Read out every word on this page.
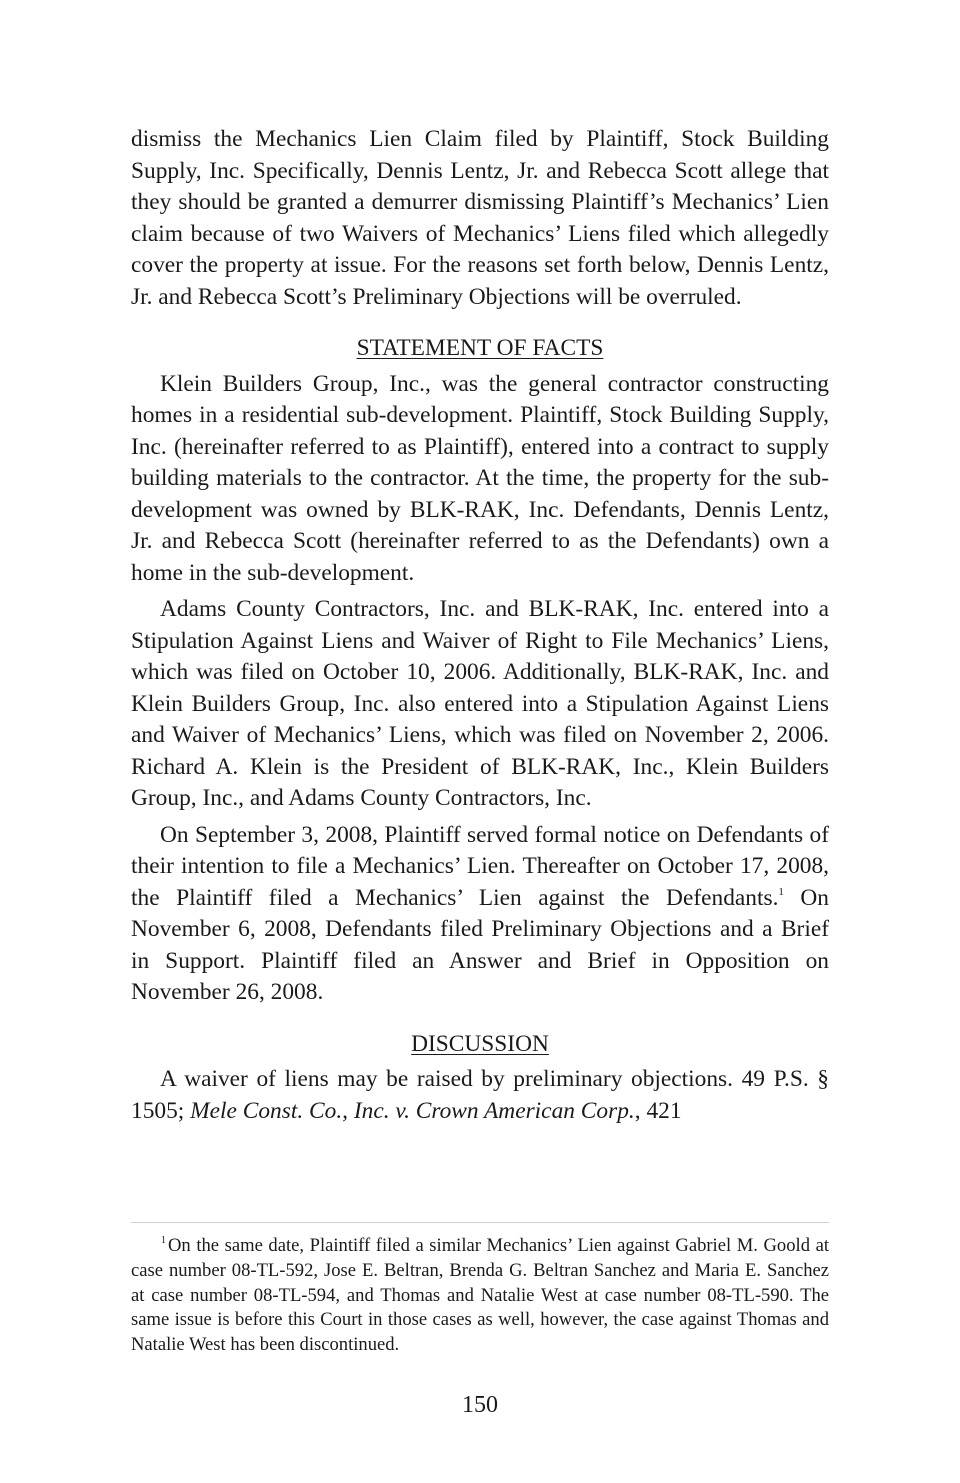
dismiss the Mechanics Lien Claim filed by Plaintiff, Stock Building Supply, Inc. Specifically, Dennis Lentz, Jr. and Rebecca Scott allege that they should be granted a demurrer dismissing Plaintiff’s Mechanics’ Lien claim because of two Waivers of Mechanics’ Liens filed which allegedly cover the property at issue. For the reasons set forth below, Dennis Lentz, Jr. and Rebecca Scott’s Preliminary Objections will be overruled.

STATEMENT OF FACTS

Klein Builders Group, Inc., was the general contractor constructing homes in a residential sub-development. Plaintiff, Stock Building Supply, Inc. (hereinafter referred to as Plaintiff), entered into a contract to supply building materials to the contractor. At the time, the property for the sub-development was owned by BLK-RAK, Inc. Defendants, Dennis Lentz, Jr. and Rebecca Scott (hereinafter referred to as the Defendants) own a home in the sub-development.

Adams County Contractors, Inc. and BLK-RAK, Inc. entered into a Stipulation Against Liens and Waiver of Right to File Mechanics’ Liens, which was filed on October 10, 2006. Additionally, BLK-RAK, Inc. and Klein Builders Group, Inc. also entered into a Stipulation Against Liens and Waiver of Mechanics’ Liens, which was filed on November 2, 2006. Richard A. Klein is the President of BLK-RAK, Inc., Klein Builders Group, Inc., and Adams County Contractors, Inc.

On September 3, 2008, Plaintiff served formal notice on Defendants of their intention to file a Mechanics’ Lien. Thereafter on October 17, 2008, the Plaintiff filed a Mechanics’ Lien against the Defendants.$^1$ On November 6, 2008, Defendants filed Preliminary Objections and a Brief in Support. Plaintiff filed an Answer and Brief in Opposition on November 26, 2008.

DISCUSSION

A waiver of liens may be raised by preliminary objections. 49 P.S. § 1505; Mele Const. Co., Inc. v. Crown American Corp., 421

$^1$ On the same date, Plaintiff filed a similar Mechanics’ Lien against Gabriel M. Goold at case number 08-TL-592, Jose E. Beltran, Brenda G. Beltran Sanchez and Maria E. Sanchez at case number 08-TL-594, and Thomas and Natalie West at case number 08-TL-590. The same issue is before this Court in those cases as well, however, the case against Thomas and Natalie West has been discontinued.

150
